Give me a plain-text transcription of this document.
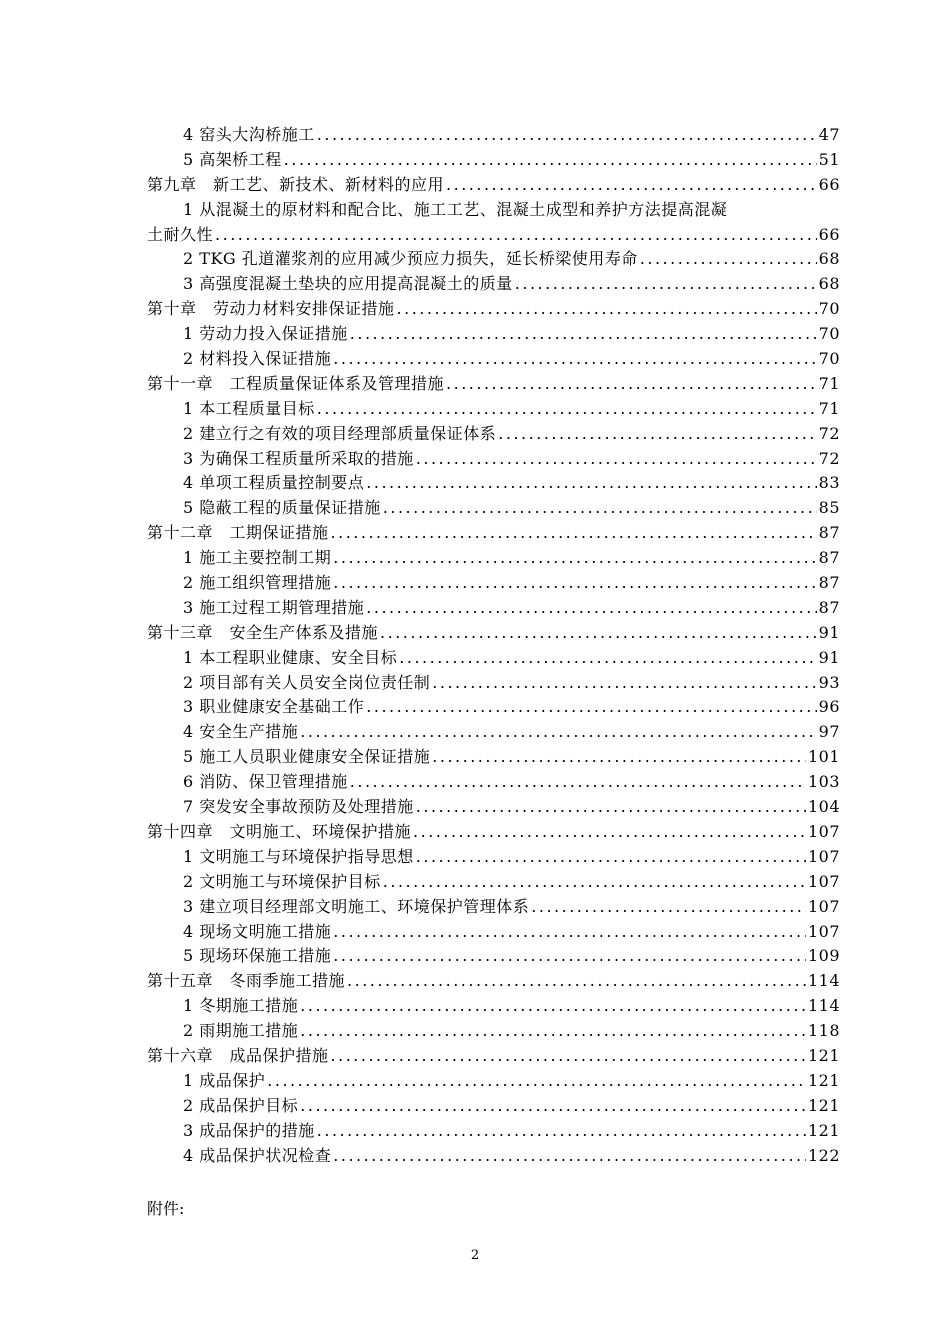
4 窑头大沟桥施工 .....	47
5 高架桥工程 .....	51
第九章　新工艺、新技术、新材料的应用 .....	66
1 从混凝土的原材料和配合比、施工工艺、混凝土成型和养护方法提高混凝
土耐久性 .....	66
2 TKG 孔道灌浆剂的应用减少预应力损失，延长桥梁使用寿命 .....	68
3 高强度混凝土垫块的应用提高混凝土的质量 .....	68
第十章　劳动力材料安排保证措施 .....	70
1 劳动力投入保证措施 .....	70
2 材料投入保证措施 .....	70
第十一章　工程质量保证体系及管理措施 .....	71
1 本工程质量目标 .....	71
2 建立行之有效的项目经理部质量保证体系 .....	72
3 为确保工程质量所采取的措施 .....	72
4 单项工程质量控制要点 .....	83
5 隐蔽工程的质量保证措施 .....	85
第十二章　工期保证措施 .....	87
1 施工主要控制工期 .....	87
2 施工组织管理措施 .....	87
3 施工过程工期管理措施 .....	87
第十三章　安全生产体系及措施 .....	91
1 本工程职业健康、安全目标 .....	91
2 项目部有关人员安全岗位责任制 .....	93
3 职业健康安全基础工作 .....	96
4 安全生产措施 .....	97
5 施工人员职业健康安全保证措施 .....	101
6 消防、保卫管理措施 .....	103
7 突发安全事故预防及处理措施 .....	104
第十四章　文明施工、环境保护措施 .....	107
1 文明施工与环境保护指导思想 .....	107
2 文明施工与环境保护目标 .....	107
3 建立项目经理部文明施工、环境保护管理体系 .....	107
4 现场文明施工措施 .....	107
5 现场环保施工措施 .....	109
第十五章　冬雨季施工措施 .....	114
1 冬期施工措施 .....	114
2 雨期施工措施 .....	118
第十六章　成品保护措施 .....	121
1 成品保护 .....	121
2 成品保护目标 .....	121
3 成品保护的措施 .....	121
4 成品保护状况检查 .....	122
附件:
2
